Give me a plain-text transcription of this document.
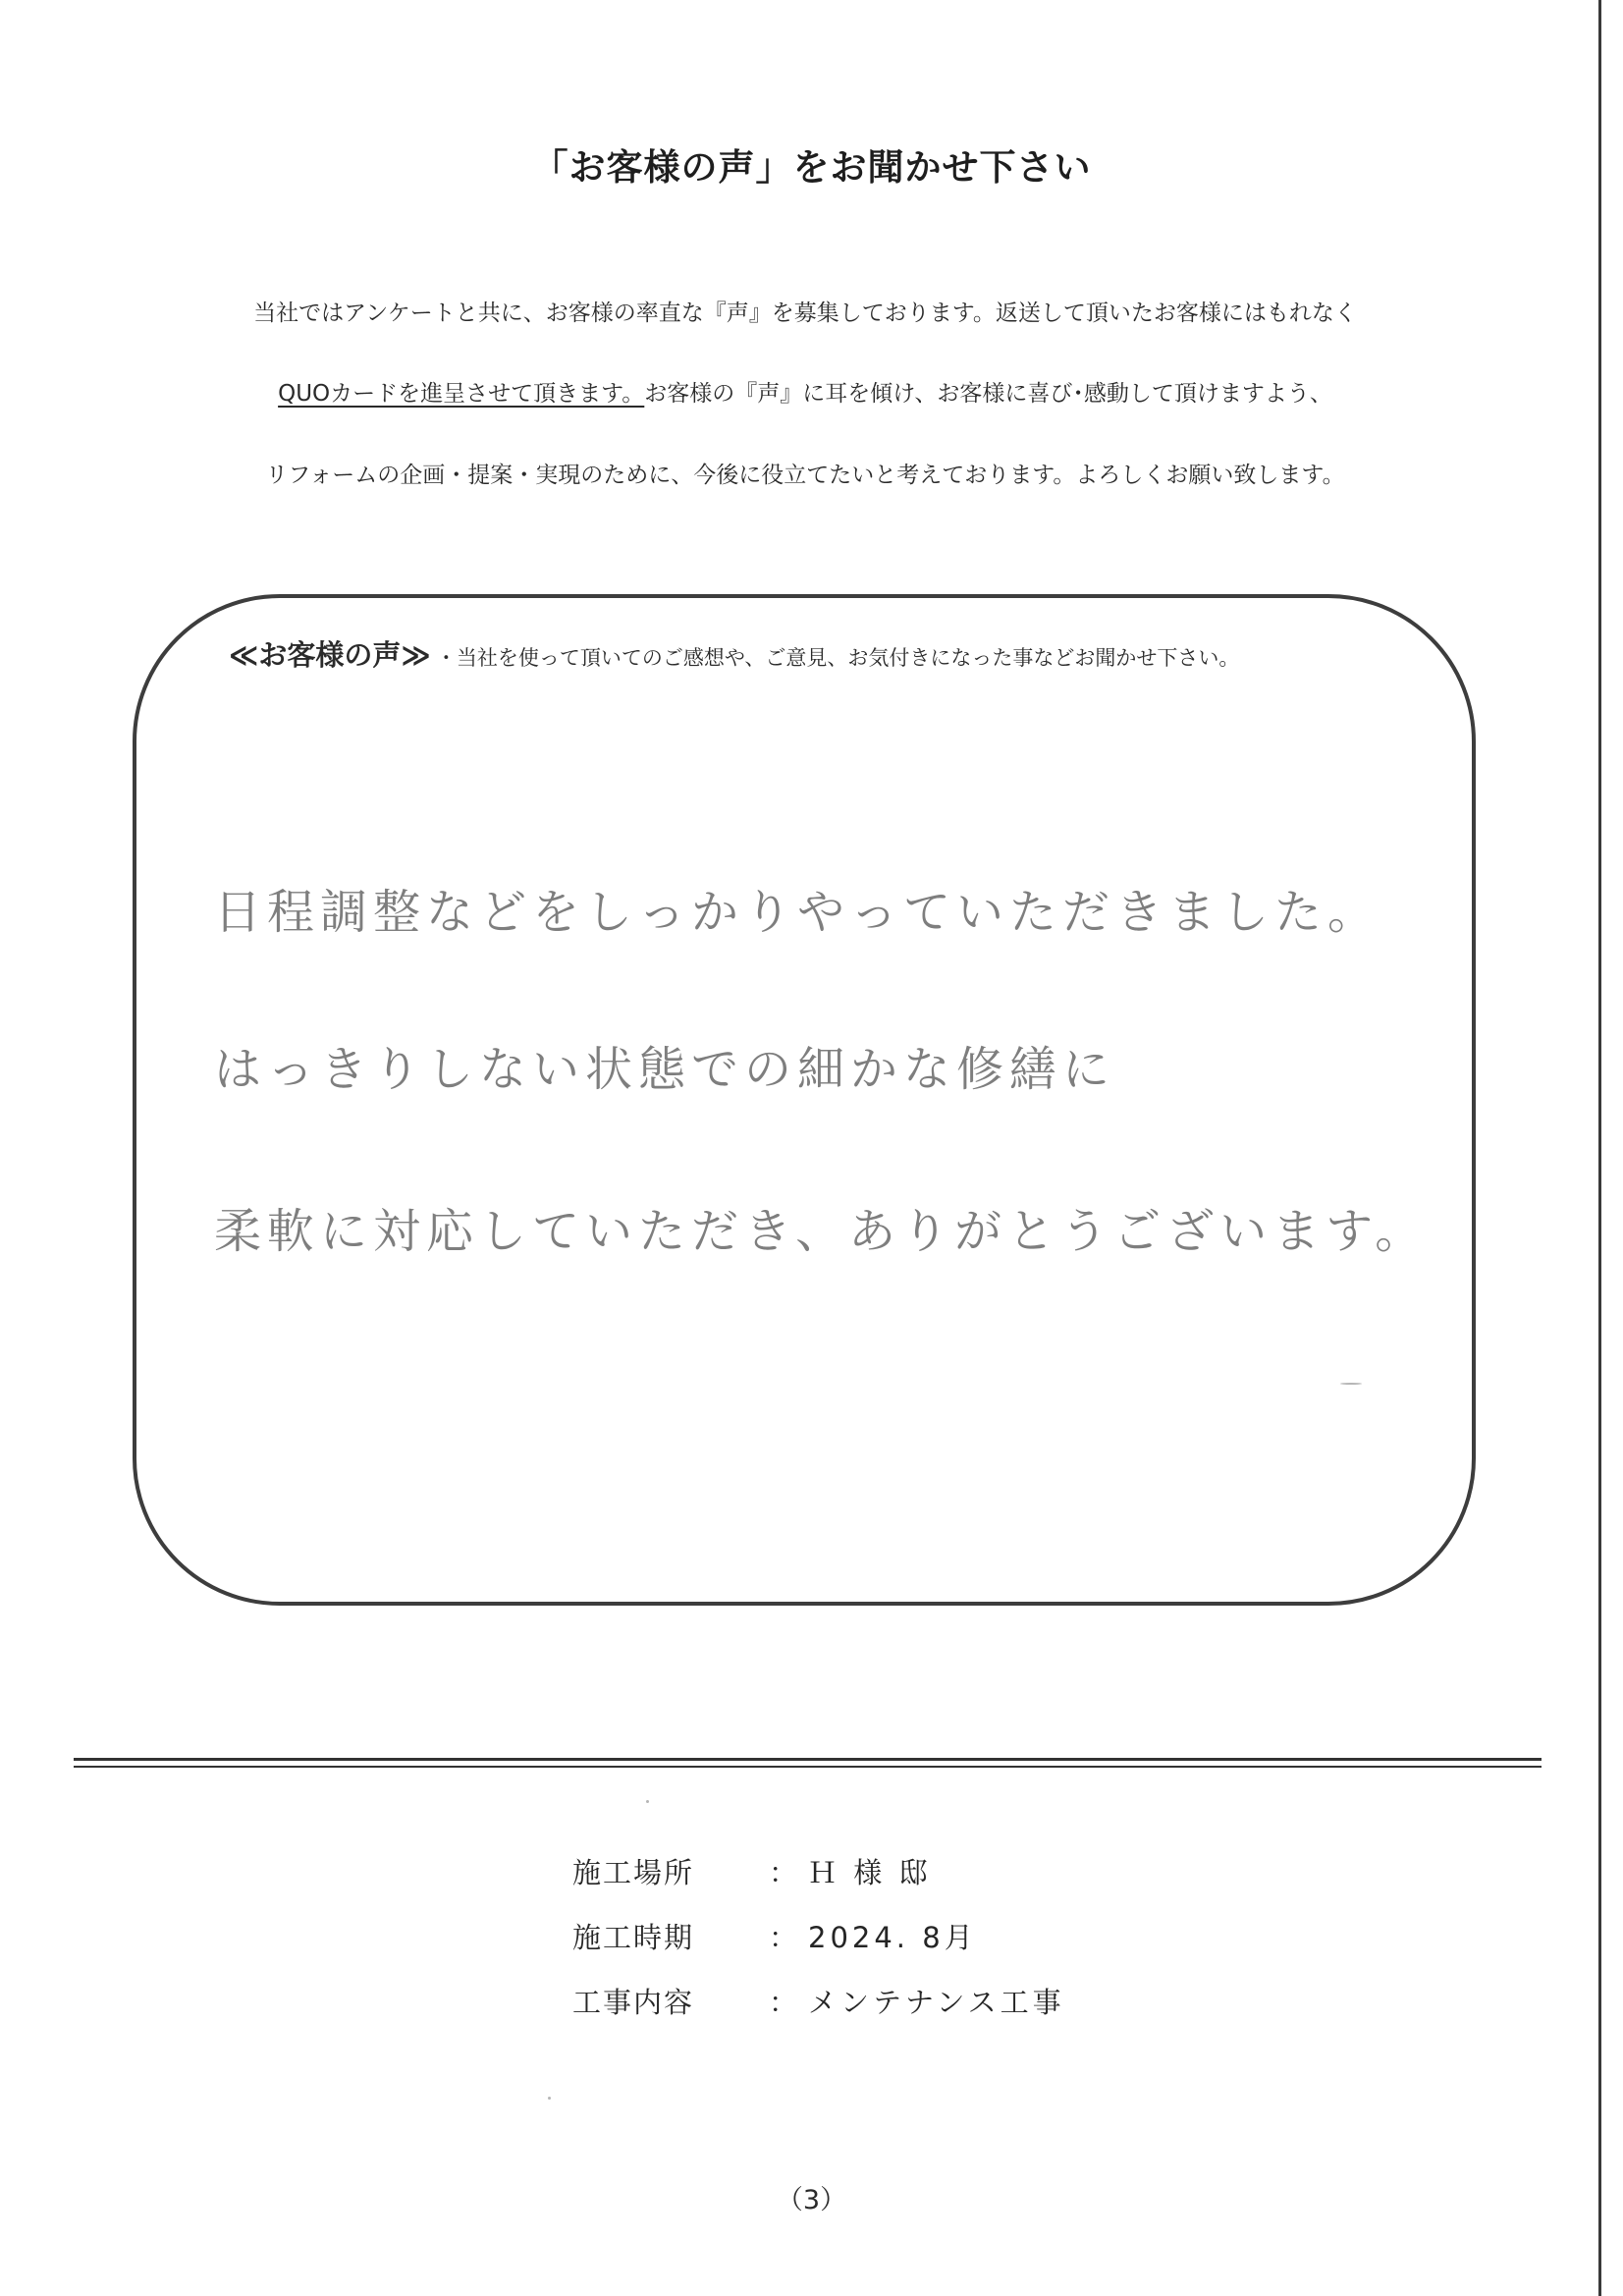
「お客様の声」をお聞かせ下さい
当社ではアンケートと共に、お客様の率直な『声』を募集しております。返送して頂いたお客様にはもれなく
QUOカードを進呈させて頂きます。お客様の『声』に耳を傾け、お客様に喜び･感動して頂けますよう、
リフォームの企画・提案・実現のために、今後に役立てたいと考えております。よろしくお願い致します。
≪お客様の声≫ ・当社を使って頂いてのご感想や、ご意見、お気付きになった事などお聞かせ下さい。
日程調整などをしっかりやっていただきました。
はっきりしない状態での細かな修繕に
柔軟に対応していただき、ありがとうございます。
施工場所	： Ｈ 様 邸
施工時期	： 2024. 8月
工事内容	： メンテナンス工事
（3）
